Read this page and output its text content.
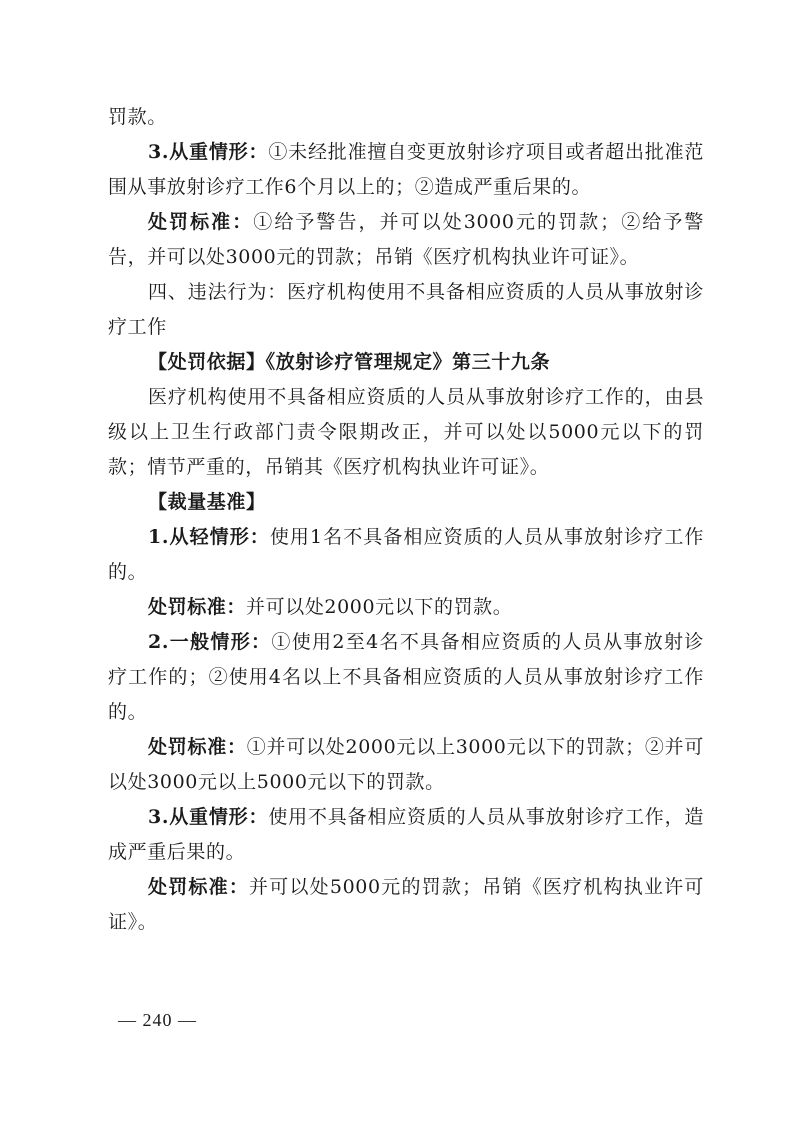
罚款。

3.从重情形：①未经批准擅自变更放射诊疗项目或者超出批准范围从事放射诊疗工作6个月以上的；②造成严重后果的。

处罚标准：①给予警告，并可以处3000元的罚款；②给予警告，并可以处3000元的罚款；吊销《医疗机构执业许可证》。

四、违法行为：医疗机构使用不具备相应资质的人员从事放射诊疗工作

【处罚依据】《放射诊疗管理规定》第三十九条

医疗机构使用不具备相应资质的人员从事放射诊疗工作的，由县级以上卫生行政部门责令限期改正，并可以处以5000元以下的罚款；情节严重的，吊销其《医疗机构执业许可证》。

【裁量基准】

1.从轻情形：使用1名不具备相应资质的人员从事放射诊疗工作的。

处罚标准：并可以处2000元以下的罚款。

2.一般情形：①使用2至4名不具备相应资质的人员从事放射诊疗工作的；②使用4名以上不具备相应资质的人员从事放射诊疗工作的。

处罚标准：①并可以处2000元以上3000元以下的罚款；②并可以处3000元以上5000元以下的罚款。

3.从重情形：使用不具备相应资质的人员从事放射诊疗工作，造成严重后果的。

处罚标准：并可以处5000元的罚款；吊销《医疗机构执业许可证》。

— 240 —
